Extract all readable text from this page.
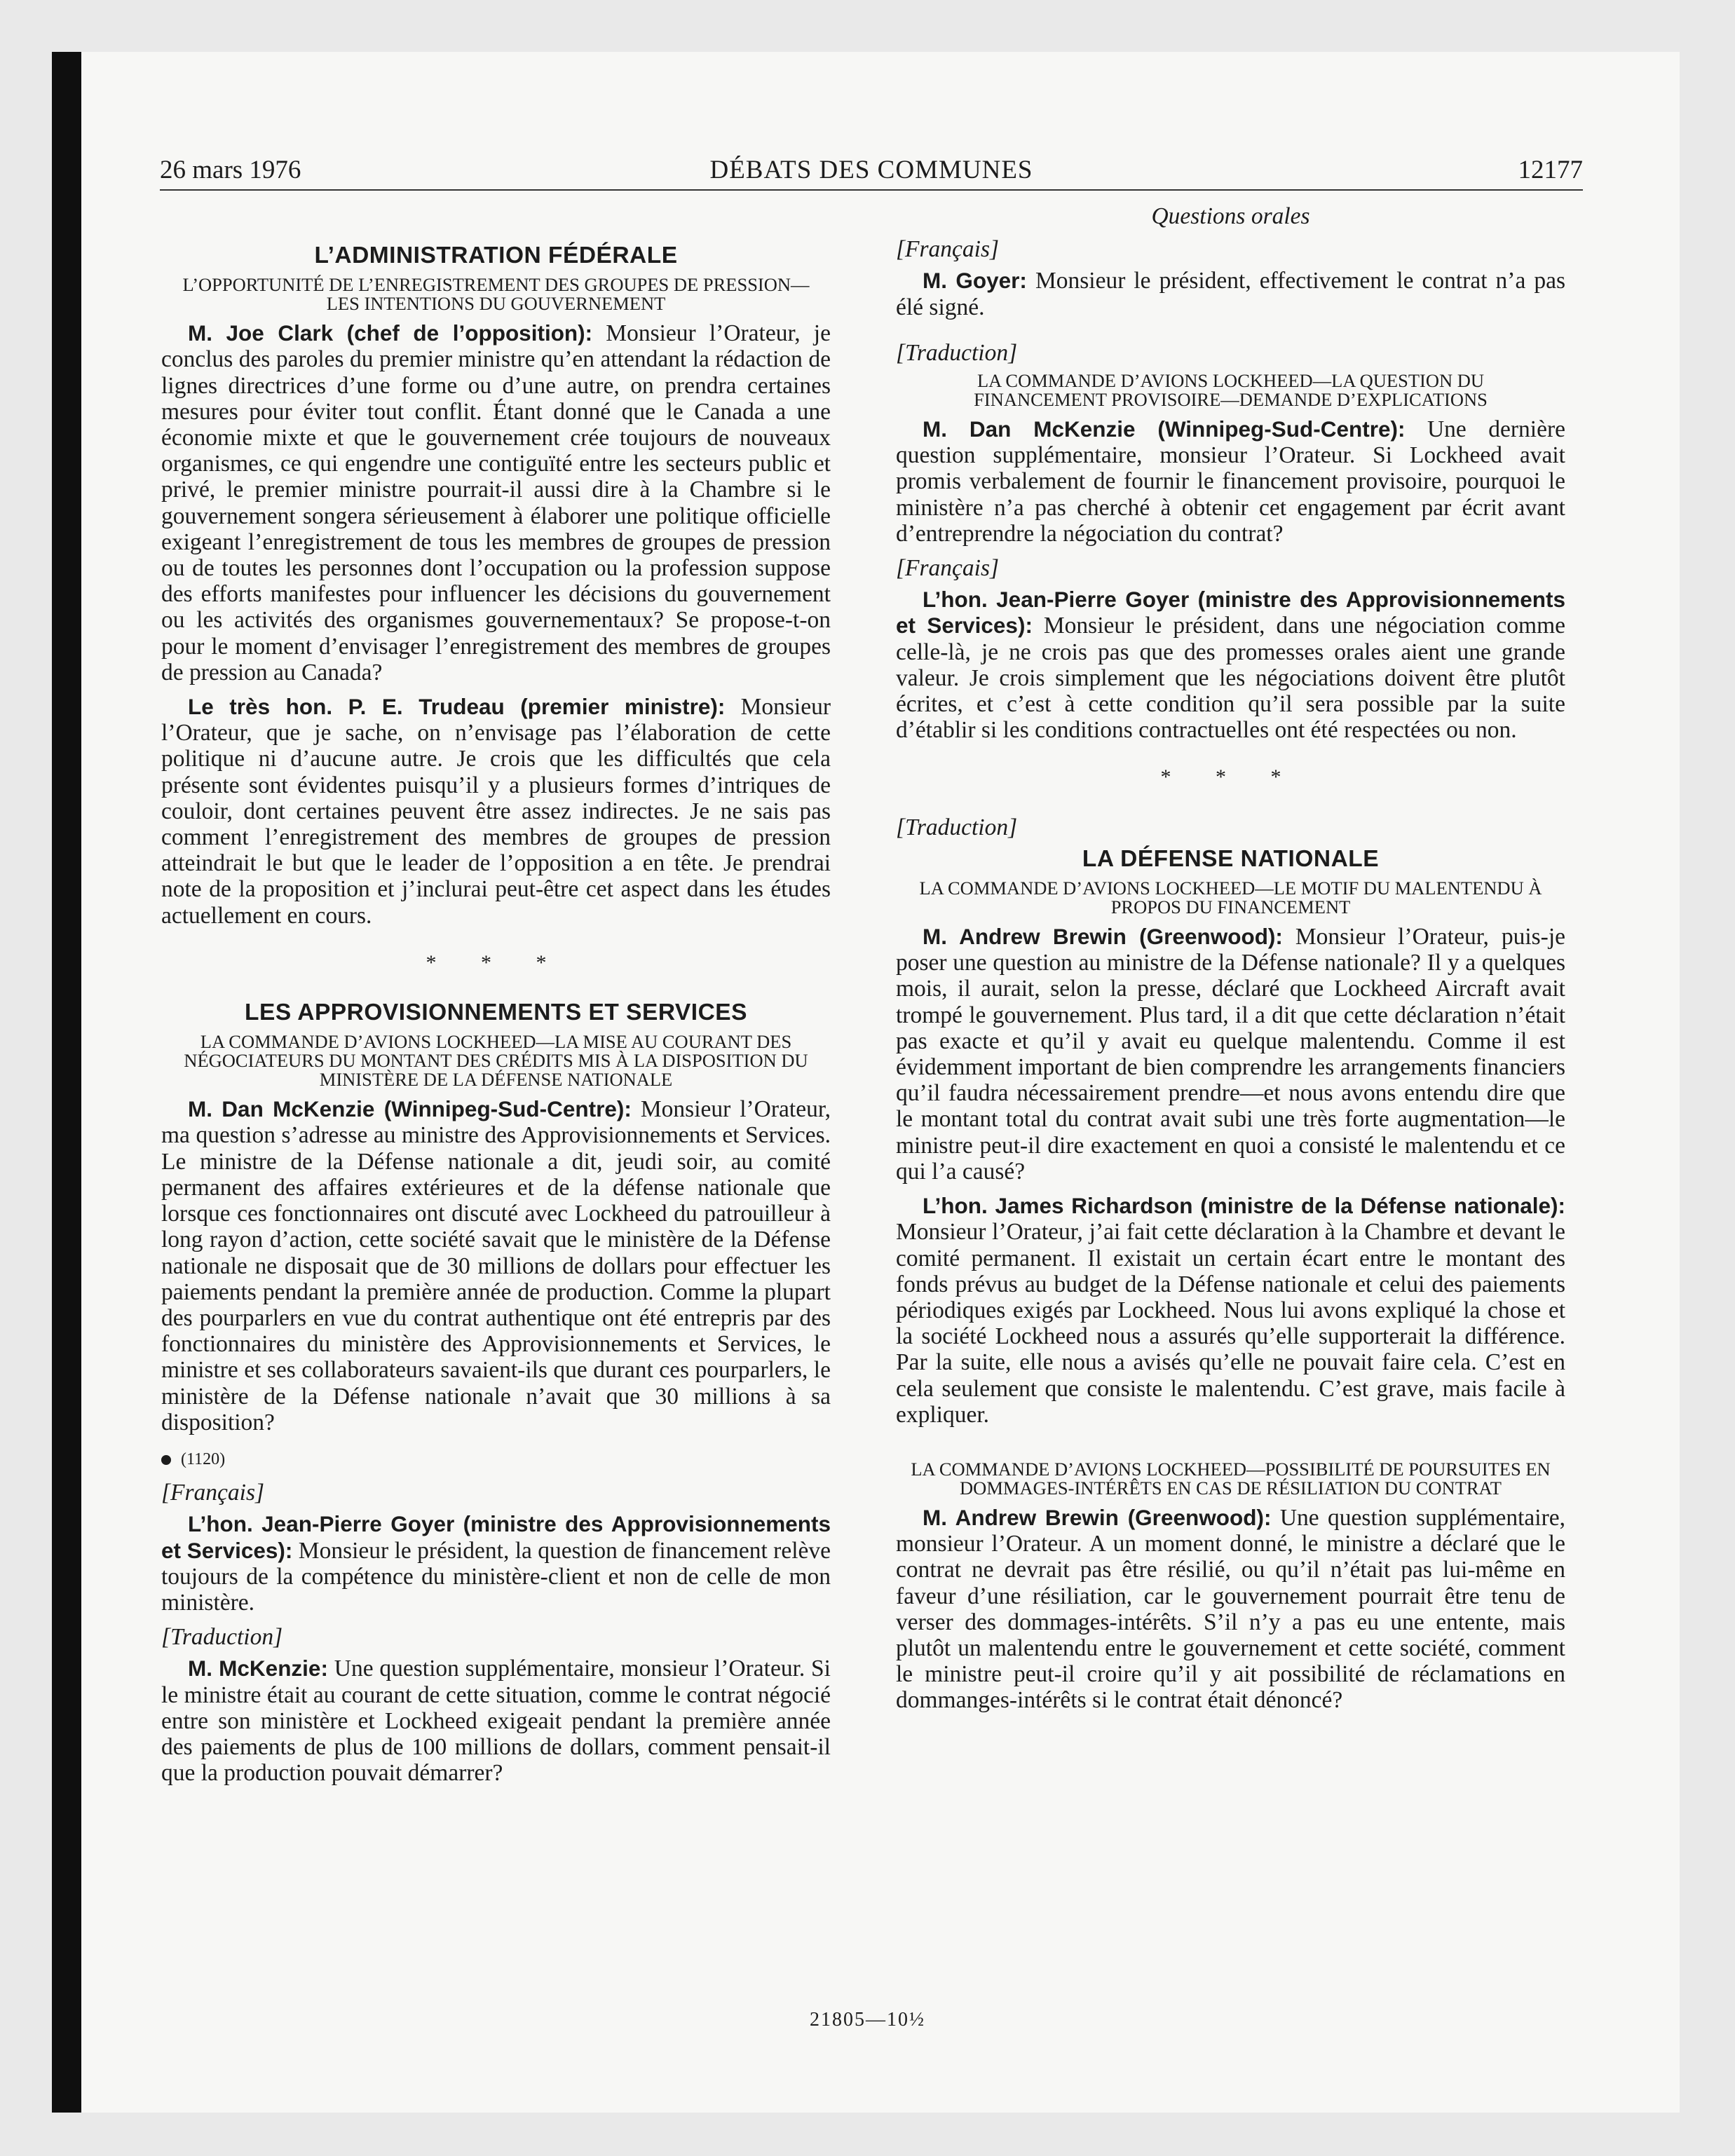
26 mars 1976	DÉBATS DES COMMUNES	12177
L’ADMINISTRATION FÉDÉRALE
L’OPPORTUNITÉ DE L’ENREGISTREMENT DES GROUPES DE PRESSION—LES INTENTIONS DU GOUVERNEMENT

M. Joe Clark (chef de l’opposition): Monsieur l’Orateur, je conclus des paroles du premier ministre qu’en attendant la rédaction de lignes directrices d’une forme ou d’une autre, on prendra certaines mesures pour éviter tout conflit. Étant donné que le Canada a une économie mixte et que le gouvernement crée toujours de nouveaux organismes, ce qui engendre une contiguïté entre les secteurs public et privé, le premier ministre pourrait-il aussi dire à la Chambre si le gouvernement songera sérieusement à élaborer une politique officielle exigeant l’enregistrement de tous les membres de groupes de pression ou de toutes les personnes dont l’occupation ou la profession suppose des efforts manifestes pour influencer les décisions du gouvernement ou les activités des organismes gouvernementaux? Se propose-t-on pour le moment d’envisager l’enregistrement des membres de groupes de pression au Canada?

Le très hon. P. E. Trudeau (premier ministre): Monsieur l’Orateur, que je sache, on n’envisage pas l’élaboration de cette politique ni d’aucune autre. Je crois que les difficultés que cela présente sont évidentes puisqu’il y a plusieurs formes d’intriques de couloir, dont certaines peuvent être assez indirectes. Je ne sais pas comment l’enregistrement des membres de groupes de pression atteindrait le but que le leader de l’opposition a en tête. Je prendrai note de la proposition et j’inclurai peut-être cet aspect dans les études actuellement en cours.

* * *
LES APPROVISIONNEMENTS ET SERVICES
LA COMMANDE D’AVIONS LOCKHEED—LA MISE AU COURANT DES NÉGOCIATEURS DU MONTANT DES CRÉDITS MIS À LA DISPOSITION DU MINISTÈRE DE LA DÉFENSE NATIONALE

M. Dan McKenzie (Winnipeg-Sud-Centre): Monsieur l’Orateur, ma question s’adresse au ministre des Approvisionnements et Services. Le ministre de la Défense nationale a dit, jeudi soir, au comité permanent des affaires extérieures et de la défense nationale que lorsque ces fonctionnaires ont discuté avec Lockheed du patrouilleur à long rayon d’action, cette société savait que le ministère de la Défense nationale ne disposait que de 30 millions de dollars pour effectuer les paiements pendant la première année de production. Comme la plupart des pourparlers en vue du contrat authentique ont été entrepris par des fonctionnaires du ministère des Approvisionnements et Services, le ministre et ses collaborateurs savaient-ils que durant ces pourparlers, le ministère de la Défense nationale n’avait que 30 millions à sa disposition?

(1120)
[Français]

L’hon. Jean-Pierre Goyer (ministre des Approvisionnements et Services): Monsieur le président, la question de financement relève toujours de la compétence du ministère-client et non de celle de mon ministère.

[Traduction]

M. McKenzie: Une question supplémentaire, monsieur l’Orateur. Si le ministre était au courant de cette situation, comme le contrat négocié entre son ministère et Lockheed exigeait pendant la première année des paiements de plus de 100 millions de dollars, comment pensait-il que la production pouvait démarrer?

Questions orales
[Français]

M. Goyer: Monsieur le président, effectivement le contrat n’a pas élé signé.

[Traduction]
LA COMMANDE D’AVIONS LOCKHEED—LA QUESTION DU FINANCEMENT PROVISOIRE—DEMANDE D’EXPLICATIONS

M. Dan McKenzie (Winnipeg-Sud-Centre): Une dernière question supplémentaire, monsieur l’Orateur. Si Lockheed avait promis verbalement de fournir le financement provisoire, pourquoi le ministère n’a pas cherché à obtenir cet engagement par écrit avant d’entreprendre la négociation du contrat?

[Français]

L’hon. Jean-Pierre Goyer (ministre des Approvisionnements et Services): Monsieur le président, dans une négociation comme celle-là, je ne crois pas que des promesses orales aient une grande valeur. Je crois simplement que les négociations doivent être plutôt écrites, et c’est à cette condition qu’il sera possible par la suite d’établir si les conditions contractuelles ont été respectées ou non.

* * *
[Traduction]
LA DÉFENSE NATIONALE
LA COMMANDE D’AVIONS LOCKHEED—LE MOTIF DU MALENTENDU À PROPOS DU FINANCEMENT

M. Andrew Brewin (Greenwood): Monsieur l’Orateur, puis-je poser une question au ministre de la Défense nationale? Il y a quelques mois, il aurait, selon la presse, déclaré que Lockheed Aircraft avait trompé le gouvernement. Plus tard, il a dit que cette déclaration n’était pas exacte et qu’il y avait eu quelque malentendu. Comme il est évidemment important de bien comprendre les arrangements financiers qu’il faudra nécessairement prendre—et nous avons entendu dire que le montant total du contrat avait subi une très forte augmentation—le ministre peut-il dire exactement en quoi a consisté le malentendu et ce qui l’a causé?

L’hon. James Richardson (ministre de la Défense nationale): Monsieur l’Orateur, j’ai fait cette déclaration à la Chambre et devant le comité permanent. Il existait un certain écart entre le montant des fonds prévus au budget de la Défense nationale et celui des paiements périodiques exigés par Lockheed. Nous lui avons expliqué la chose et la société Lockheed nous a assurés qu’elle supporterait la différence. Par la suite, elle nous a avisés qu’elle ne pouvait faire cela. C’est en cela seulement que consiste le malentendu. C’est grave, mais facile à expliquer.

LA COMMANDE D’AVIONS LOCKHEED—POSSIBILITÉ DE POURSUITES EN DOMMAGES-INTÉRÊTS EN CAS DE RÉSILIATION DU CONTRAT

M. Andrew Brewin (Greenwood): Une question supplémentaire, monsieur l’Orateur. A un moment donné, le ministre a déclaré que le contrat ne devrait pas être résilié, ou qu’il n’était pas lui-même en faveur d’une résiliation, car le gouvernement pourrait être tenu de verser des dommages-intérêts. S’il n’y a pas eu une entente, mais plutôt un malentendu entre le gouvernement et cette société, comment le ministre peut-il croire qu’il y ait possibilité de réclamations en dommanges-intérêts si le contrat était dénoncé?

21805—10½
